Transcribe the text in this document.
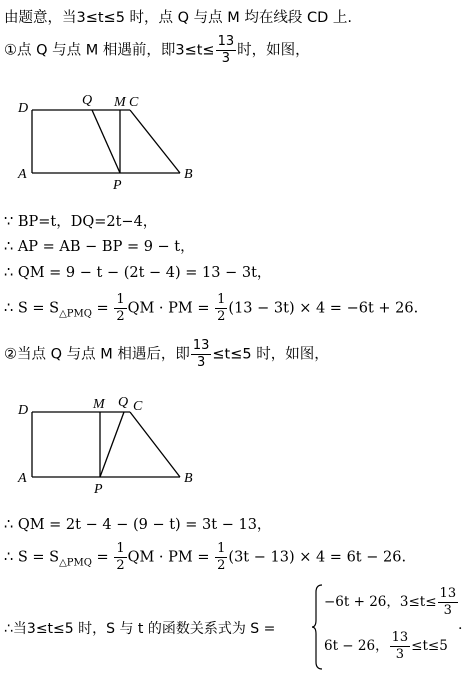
由题意，当3≤t≤5 时，点 Q 与点 M 均在线段 CD 上.
①点 Q 与点 M 相遇前，即$3\le t\le \frac{13}{3}$ 时，如图，
D
Q M C
A
P
B
∵ BP=t，DQ=2t−4，
∴ AP = AB − BP = 9 − t，
∴ QM = 9 − t − (2t − 4) = 13 − 3t，
∴ $S = S_{\triangle PMQ} = \frac{1}{2}$ QM · PM = $\frac{1}{2} (13 - 3t) \times 4 = -6t + 26$.
②当点 Q 与点 M 相遇后，即 $\frac{13}{3} \le t\le 5$ 时，如图，
D	M Q C
A
P
B
∴ QM = 2t − 4 − (9 − t) = 3t − 13，
∴ $S = S_{\triangle PMQ} = \frac{1}{2}$ QM · PM = $\frac{1}{2} (3t - 13) \times 4 = 6t - 26$.
∴当3≤t≤5 时，S 与 t 的函数关系式为 S =
−6t + 26，$3\le t\le \frac{13}{3}$
6t − 26， $\frac{13}{3} \le t\le 5$
.
